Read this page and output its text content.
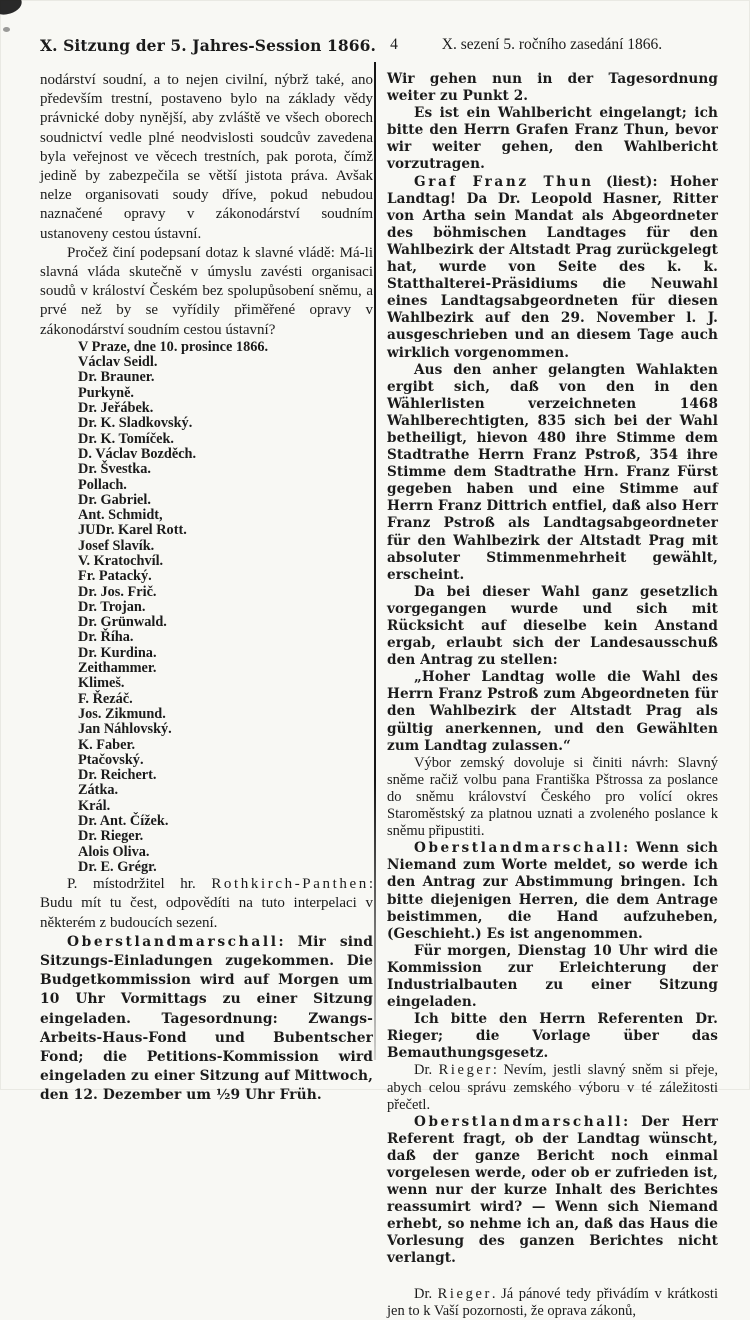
X. Sitzung der 5. Jahres-Session 1866. 4	X. sezení 5. ročního zasedání 1866.

nodárství soudní, a to nejen civilní, nýbrž také, ano především trestní, postaveno bylo na základy vědy právnické doby nynější, aby zvláště ve všech oborech soudnictví vedle plné neodvislosti soudcův zavedena byla veřejnost ve věcech trestních, pak porota, čímž jedině by zabezpečila se větší jistota práva. Avšak nelze organisovati soudy dříve, pokud nebudou naznačené opravy v zákonodárství soudním ustanoveny cestou ústavní.

Pročež činí podepsaní dotaz k slavné vládě: Má-li slavná vláda skutečně v úmyslu zavésti organisaci soudů v králoství Českém bez spolupůsobení sněmu, a prvé než by se vyřídily přiměřené opravy v zákonodárství soudním cestou ústavní?

V Praze, dne 10. prosince 1866.
Václav Seidl.
Dr. Brauner.
Purkyně.
Dr. Jeřábek.
Dr. K. Sladkovský.
Dr. K. Tomíček.
D. Václav Bozděch.
Dr. Švestka.
Pollach.
Dr. Gabriel.
Ant. Schmidt,
JUDr. Karel Rott.
Josef Slavík.
V. Kratochvíl.
Fr. Patacký.
Dr. Jos. Frič.
Dr. Trojan.
Dr. Grünwald.
Dr. Říha.
Dr. Kurdina.
Zeithammer.
Klimeš.
F. Řezáč.
Jos. Zikmund.
Jan Náhlovský.
K. Faber.
Ptačovský.
Dr. Reichert.
Zátka.
Král.
Dr. Ant. Čížek.
Dr. Rieger.
Alois Oliva.
Dr. E. Grégr.

P. místodržitel hr. Rothkirch-Panthen: Budu mít tu čest, odpovědíti na tuto interpelaci v některém z budoucích sezení.

Oberstlandmarschall: Mir sind Sitzungs-Einladungen zugekommen. Die Budgetkommission wird auf Morgen um 10 Uhr Vormittags zu einer Sitzung eingeladen. Tagesordnung: Zwangs-Arbeits-Haus-Fond und Bubentscher Fond; die Petitions-Kommission wird eingeladen zu einer Sitzung auf Mittwoch, den 12. Dezember um ½9 Uhr Früh.

Wir gehen nun in der Tagesordnung weiter zu Punkt 2.

Es ist ein Wahlbericht eingelangt; ich bitte den Herrn Grafen Franz Thun, bevor wir weiter gehen, den Wahlbericht vorzutragen.

Graf Franz Thun (liest): Hoher Landtag! Da Dr. Leopold Hasner, Ritter von Artha sein Mandat als Abgeordneter des böhmischen Landtages für den Wahlbezirk der Altstadt Prag zurückgelegt hat, wurde von Seite des k. k. Statthalterei-Präsidiums die Neuwahl eines Landtagsabgeordneten für diesen Wahlbezirk auf den 29. November l. J. ausgeschrieben und an diesem Tage auch wirklich vorgenommen.

Aus den anher gelangten Wahlakten ergibt sich, daß von den in den Wählerlisten verzeichneten 1468 Wahlberechtigten, 835 sich bei der Wahl betheiligt, hievon 480 ihre Stimme dem Stadtrathe Herrn Franz Pstroß, 354 ihre Stimme dem Stadtrathe Hrn. Franz Fürst gegeben haben und eine Stimme auf Herrn Franz Dittrich entfiel, daß also Herr Franz Pstroß als Landtagsabgeordneter für den Wahlbezirk der Altstadt Prag mit absoluter Stimmenmehrheit gewählt, erscheint.

Da bei dieser Wahl ganz gesetzlich vorgegangen wurde und sich mit Rücksicht auf dieselbe kein Anstand ergab, erlaubt sich der Landesausschuß den Antrag zu stellen:

„Hoher Landtag wolle die Wahl des Herrn Franz Pstroß zum Abgeordneten für den Wahlbezirk der Altstadt Prag als gültig anerkennen, und den Gewählten zum Landtag zulassen.“

Výbor zemský dovoluje si činiti návrh: Slavný sněme račiž volbu pana Františka Pštrossa za poslance do sněmu království Českého pro volící okres Staroměstský za platnou uznati a zvoleného poslance k sněmu připustiti.

Oberstlandmarschall: Wenn sich Niemand zum Worte meldet, so werde ich den Antrag zur Abstimmung bringen. Ich bitte diejenigen Herren, die dem Antrage beistimmen, die Hand aufzuheben, (Geschieht.) Es ist angenommen.

Für morgen, Dienstag 10 Uhr wird die Kommission zur Erleichterung der Industrialbauten zu einer Sitzung eingeladen.

Ich bitte den Herrn Referenten Dr. Rieger; die Vorlage über das Bemauthungsgesetz.

Dr. Rieger: Nevím, jestli slavný sněm si přeje, abych celou správu zemského výboru v té záležitosti přečetl.

Oberstlandmarschall: Der Herr Referent fragt, ob der Landtag wünscht, daß der ganze Bericht noch einmal vorgelesen werde, oder ob er zufrieden ist, wenn nur der kurze Inhalt des Berichtes reassumirt wird? — Wenn sich Niemand erhebt, so nehme ich an, daß das Haus die Vorlesung des ganzen Berichtes nicht verlangt.

Dr. Rieger. Já pánové tedy přivádím v krátkosti jen to k Vaší pozornosti, že oprava zákonů,
